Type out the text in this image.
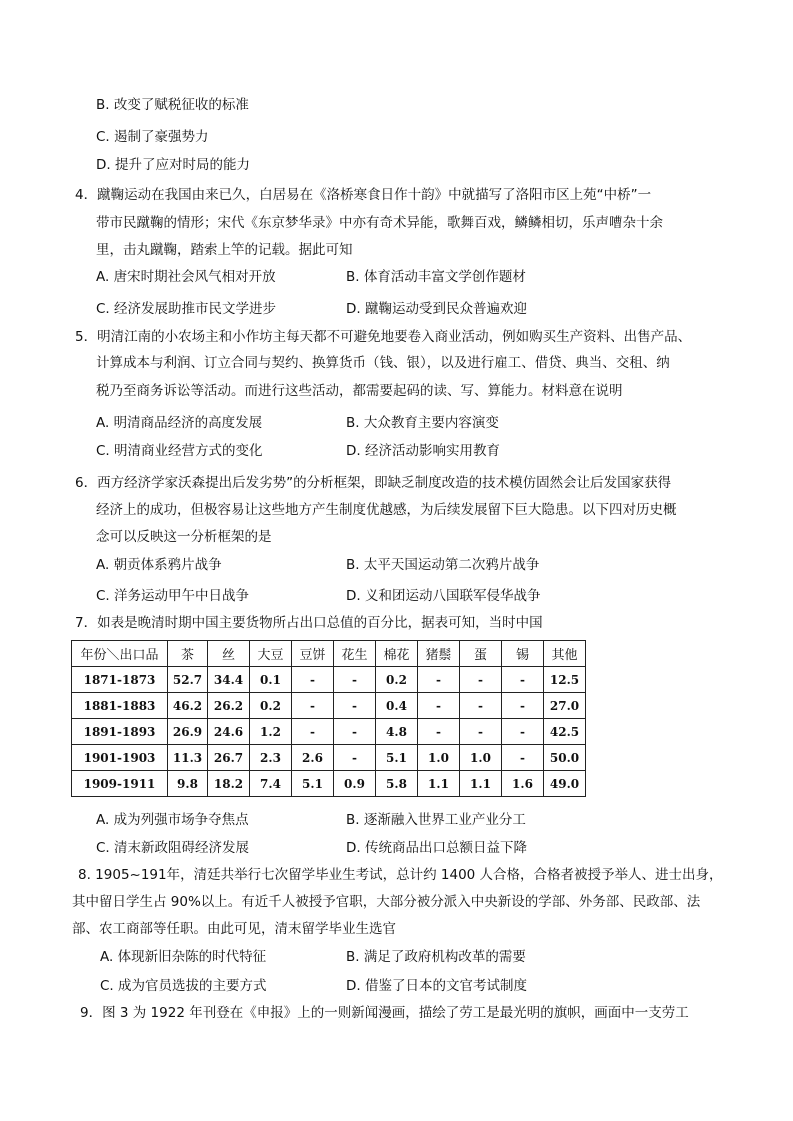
B. 改变了赋税征收的标准
C. 遏制了豪强势力
D. 提升了应对时局的能力
4．蹴鞠运动在我国由来已久，白居易在《洛桥寒食日作十韵》中就描写了洛阳市区上苑“中桥”一
带市民蹴鞠的情形；宋代《东京梦华录》中亦有奇术异能，歌舞百戏，鳞鳞相切，乐声嘈杂十余
里，击丸蹴鞠，踏索上竿的记载。据此可知
A. 唐宋时期社会风气相对开放	B. 体育活动丰富文学创作题材
C. 经济发展助推市民文学进步	D. 蹴鞠运动受到民众普遍欢迎
5．明清江南的小农场主和小作坊主每天都不可避免地要卷入商业活动，例如购买生产资料、出售产品、
计算成本与利润、订立合同与契约、换算货币（钱、银），以及进行雇工、借贷、典当、交租、纳
税乃至商务诉讼等活动。而进行这些活动，都需要起码的读、写、算能力。材料意在说明
A. 明清商品经济的高度发展	B. 大众教育主要内容演变
C. 明清商业经营方式的变化	D. 经济活动影响实用教育
6．西方经济学家沃森提出后发劣势”的分析框架，即缺乏制度改造的技术模仿固然会让后发国家获得
经济上的成功，但极容易让这些地方产生制度优越感，为后续发展留下巨大隐患。以下四对历史概
念可以反映这一分析框架的是
A. 朝贡体系鸦片战争	B. 太平天国运动第二次鸦片战争
C. 洋务运动甲午中日战争	D. 义和团运动八国联军侵华战争
7．如表是晚清时期中国主要货物所占出口总值的百分比，据表可知，当时中国
年份＼出口品	茶	丝	大豆	豆饼	花生	棉花	猪鬃	蛋	锡	其他
1871-1873	52.7	34.4	0.1	-	-	0.2	-	-	-	12.5
1881-1883	46.2	26.2	0.2	-	-	0.4	-	-	-	27.0
1891-1893	26.9	24.6	1.2	-	-	4.8	-	-	-	42.5
1901-1903	11.3	26.7	2.3	2.6	-	5.1	1.0	1.0	-	50.0
1909-1911	9.8	18.2	7.4	5.1	0.9	5.8	1.1	1.1	1.6	49.0
A. 成为列强市场争夺焦点	B. 逐渐融入世界工业产业分工
C. 清末新政阻碍经济发展	D. 传统商品出口总额日益下降
8. 1905~191年，清廷共举行七次留学毕业生考试，总计约 1400 人合格，合格者被授予举人、进士出身，
其中留日学生占 90%以上。有近千人被授予官职，大部分被分派入中央新设的学部、外务部、民政部、法
部、农工商部等任职。由此可见，清末留学毕业生选官
A. 体现新旧杂陈的时代特征	B. 满足了政府机构改革的需要
C. 成为官员选拔的主要方式	D. 借鉴了日本的文官考试制度
9．图 3 为 1922 年刊登在《申报》上的一则新闻漫画，描绘了劳工是最光明的旗帜，画面中一支劳工
